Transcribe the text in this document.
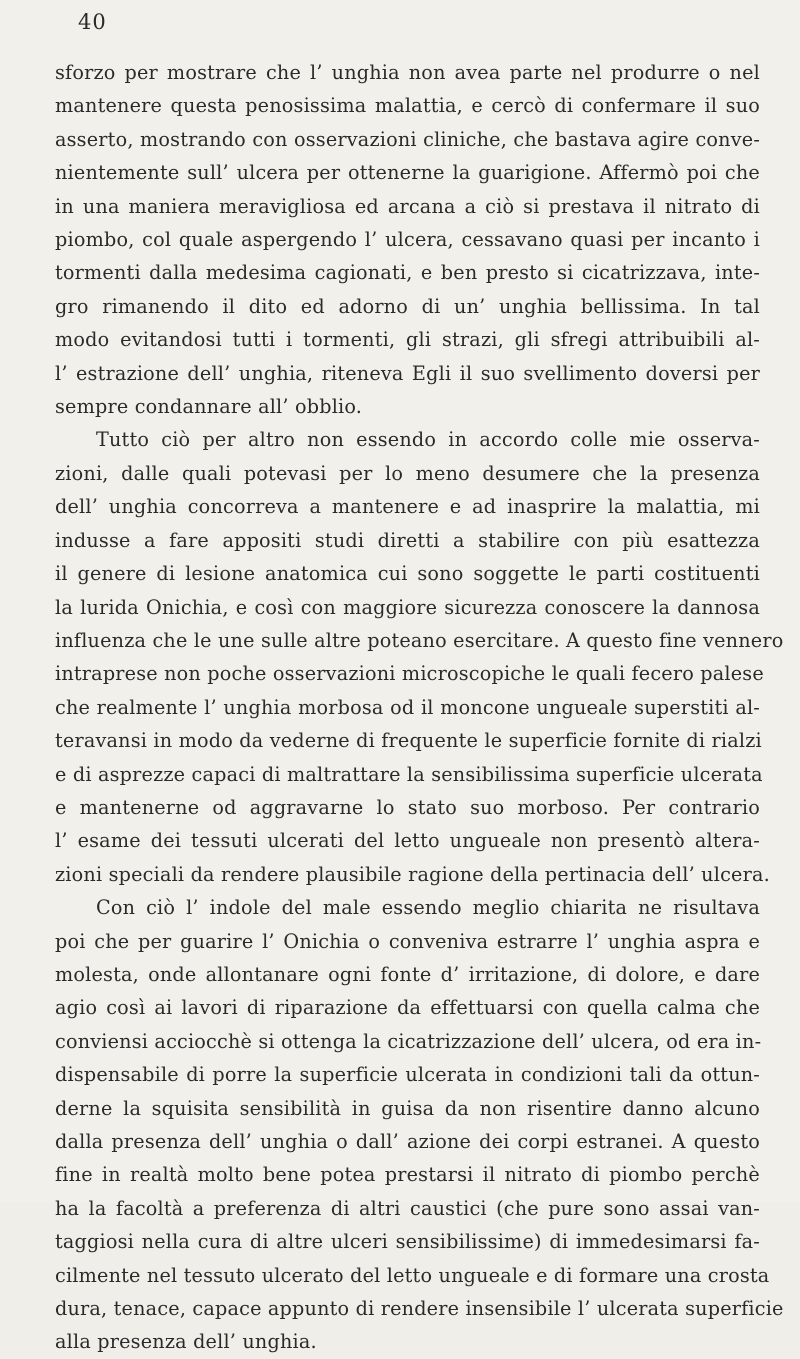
40
sforzo per mostrare che l’ unghia non avea parte nel produrre o nel
mantenere questa penosissima malattia, e cercò di confermare il suo
asserto, mostrando con osservazioni cliniche, che bastava agire conve-
nientemente sull’ ulcera per ottenerne la guarigione. Affermò poi che
in una maniera meravigliosa ed arcana a ciò si prestava il nitrato di
piombo, col quale aspergendo l’ ulcera, cessavano quasi per incanto i
tormenti dalla medesima cagionati, e ben presto si cicatrizzava, inte-
gro rimanendo il dito ed adorno di un’ unghia bellissima. In tal
modo evitandosi tutti i tormenti, gli strazi, gli sfregi attribuibili al-
l’ estrazione dell’ unghia, riteneva Egli il suo svellimento doversi per
sempre condannare all’ obblio.
Tutto ciò per altro non essendo in accordo colle mie osserva-
zioni, dalle quali potevasi per lo meno desumere che la presenza
dell’ unghia concorreva a mantenere e ad inasprire la malattia, mi
indusse a fare appositi studi diretti a stabilire con più esattezza
il genere di lesione anatomica cui sono soggette le parti costituenti
la lurida Onichia, e così con maggiore sicurezza conoscere la dannosa
influenza che le une sulle altre poteano esercitare. A questo fine vennero
intraprese non poche osservazioni microscopiche le quali fecero palese
che realmente l’ unghia morbosa od il moncone ungueale superstiti al-
teravansi in modo da vederne di frequente le superficie fornite di rialzi
e di asprezze capaci di maltrattare la sensibilissima superficie ulcerata
e mantenerne od aggravarne lo stato suo morboso. Per contrario
l’ esame dei tessuti ulcerati del letto ungueale non presentò altera-
zioni speciali da rendere plausibile ragione della pertinacia dell’ ulcera.
Con ciò l’ indole del male essendo meglio chiarita ne risultava
poi che per guarire l’ Onichia o conveniva estrarre l’ unghia aspra e
molesta, onde allontanare ogni fonte d’ irritazione, di dolore, e dare
agio così ai lavori di riparazione da effettuarsi con quella calma che
conviensi acciocchè si ottenga la cicatrizzazione dell’ ulcera, od era in-
dispensabile di porre la superficie ulcerata in condizioni tali da ottun-
derne la squisita sensibilità in guisa da non risentire danno alcuno
dalla presenza dell’ unghia o dall’ azione dei corpi estranei. A questo
fine in realtà molto bene potea prestarsi il nitrato di piombo perchè
ha la facoltà a preferenza di altri caustici (che pure sono assai van-
taggiosi nella cura di altre ulceri sensibilissime) di immedesimarsi fa-
cilmente nel tessuto ulcerato del letto ungueale e di formare una crosta
dura, tenace, capace appunto di rendere insensibile l’ ulcerata superficie
alla presenza dell’ unghia.
